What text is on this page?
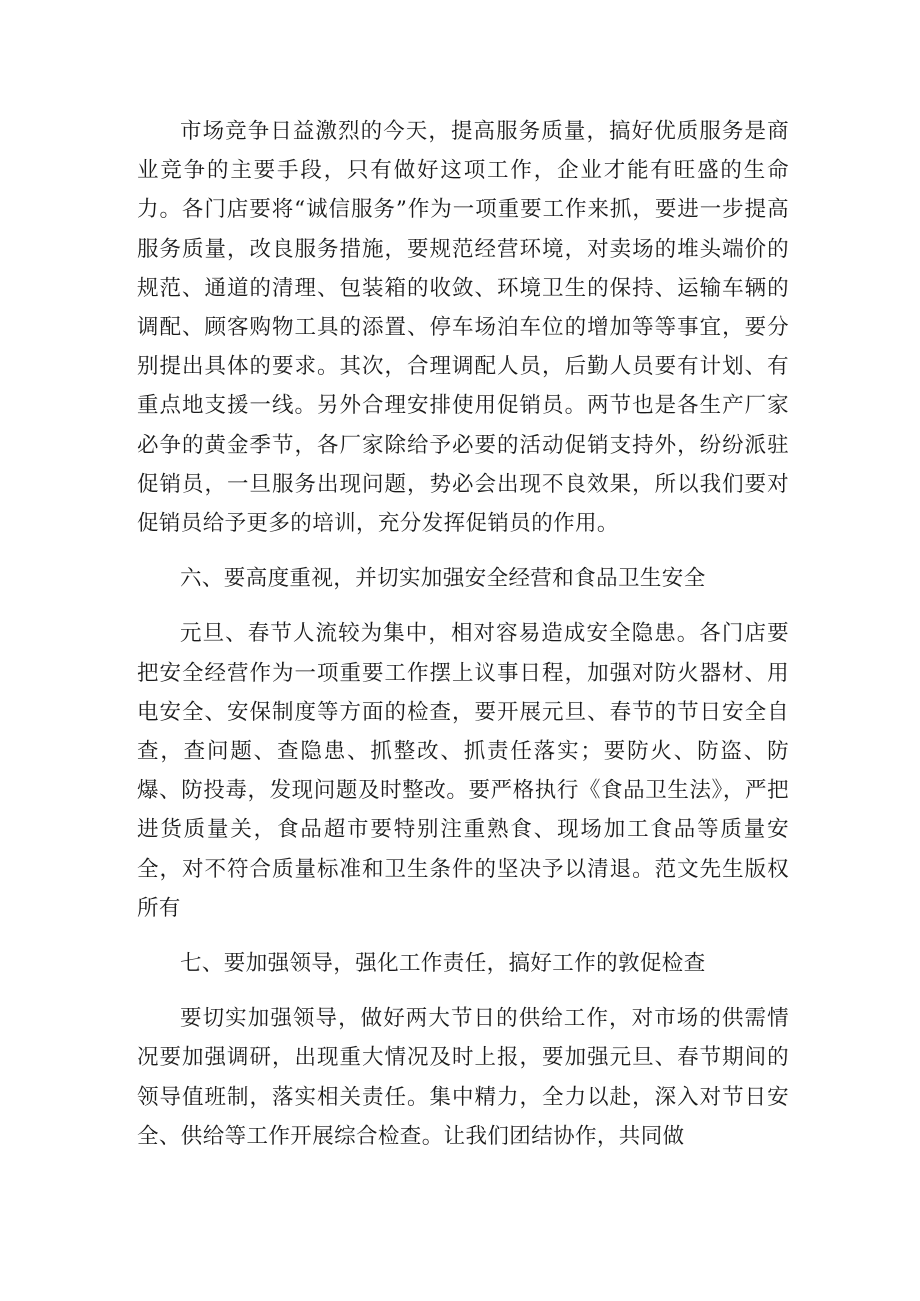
市场竞争日益激烈的今天，提高服务质量，搞好优质服务是商业竞争的主要手段，只有做好这项工作，企业才能有旺盛的生命力。各门店要将“诚信服务”作为一项重要工作来抓，要进一步提高服务质量，改良服务措施，要规范经营环境，对卖场的堆头端价的规范、通道的清理、包装箱的收敛、环境卫生的保持、运输车辆的调配、顾客购物工具的添置、停车场泊车位的增加等等事宜，要分别提出具体的要求。其次，合理调配人员，后勤人员要有计划、有重点地支援一线。另外合理安排使用促销员。两节也是各生产厂家必争的黄金季节，各厂家除给予必要的活动促销支持外，纷纷派驻促销员，一旦服务出现问题，势必会出现不良效果，所以我们要对促销员给予更多的培训，充分发挥促销员的作用。

六、要高度重视，并切实加强安全经营和食品卫生安全

元旦、春节人流较为集中，相对容易造成安全隐患。各门店要把安全经营作为一项重要工作摆上议事日程，加强对防火器材、用电安全、安保制度等方面的检查，要开展元旦、春节的节日安全自查，查问题、查隐患、抓整改、抓责任落实；要防火、防盗、防爆、防投毒，发现问题及时整改。要严格执行《食品卫生法》，严把进货质量关，食品超市要特别注重熟食、现场加工食品等质量安全，对不符合质量标准和卫生条件的坚决予以清退。范文先生版权所有

七、要加强领导，强化工作责任，搞好工作的敦促检查

要切实加强领导，做好两大节日的供给工作，对市场的供需情况要加强调研，出现重大情况及时上报，要加强元旦、春节期间的领导值班制，落实相关责任。集中精力，全力以赴，深入对节日安全、供给等工作开展综合检查。让我们团结协作，共同做
